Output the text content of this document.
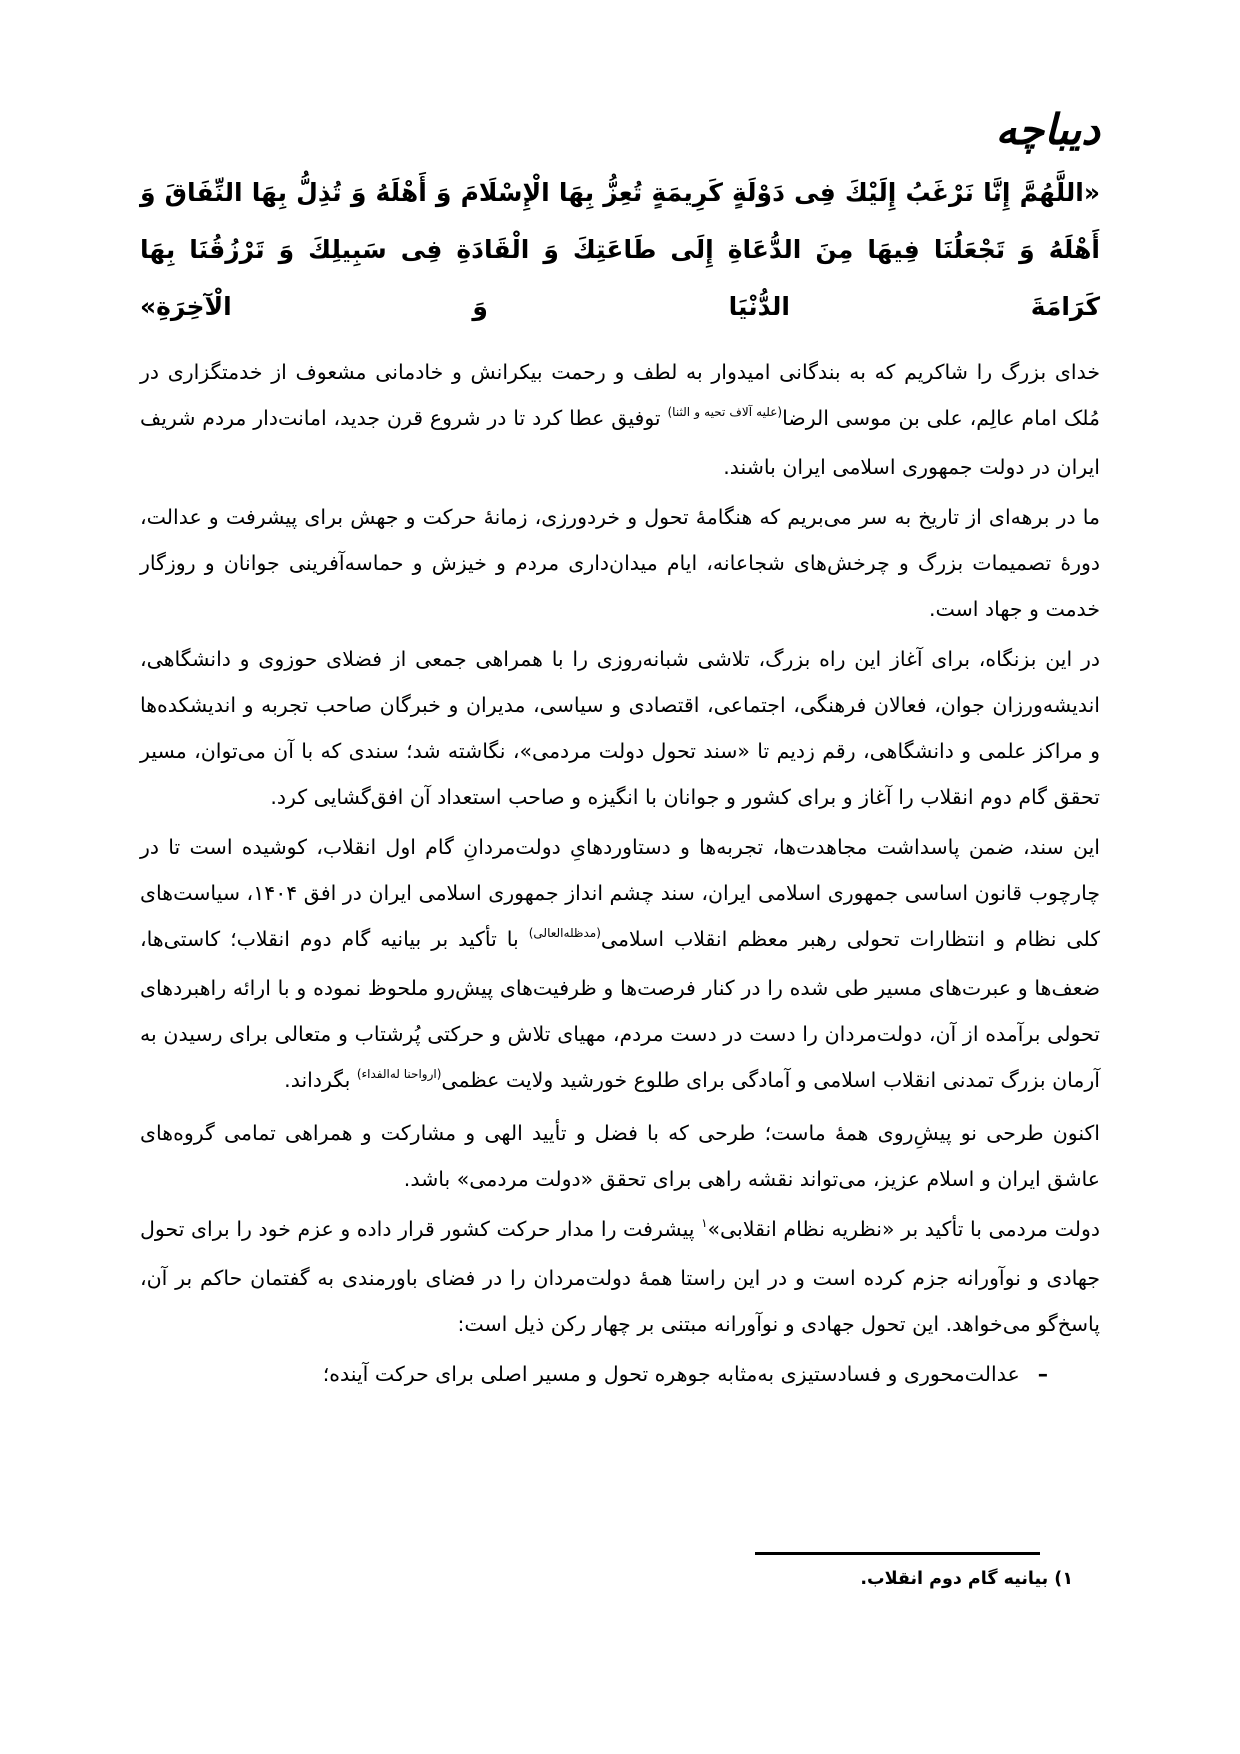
دیباچه

«اللَّهُمَّ إِنَّا نَرْغَبُ إِلَيْكَ فِى دَوْلَةٍ كَرِيمَةٍ تُعِزُّ بِهَا الْإِسْلَامَ وَ أَهْلَهُ وَ تُذِلُّ بِهَا النِّفَاقَ وَ أَهْلَهُ وَ تَجْعَلُنَا فِيهَا مِنَ الدُّعَاةِ إِلَى طَاعَتِكَ وَ الْقَادَةِ فِى سَبِيلِكَ وَ تَرْزُقُنَا بِهَا كَرَامَةَ الدُّنْيَا وَ الْآخِرَةِ»

خدای بزرگ را شاکریم که به بندگانی امیدوار به لطف و رحمت بیکرانش و خادمانی مشعوف از خدمتگزاری در مُلک امام عالِم، علی بن موسی الرضا$^{(علیه آلاف تحیه و الثنا)}$ توفیق عطا کرد تا در شروع قرن جدید، امانت‌دار مردم شریف ایران در دولت جمهوری اسلامی ایران باشند.

ما در برهه‌ای از تاریخ به سر می‌بریم که هنگامهٔ تحول و خردورزی، زمانهٔ حرکت و جهش برای پیشرفت و عدالت، دورهٔ تصمیمات بزرگ و چرخش‌های شجاعانه، ایام میدان‌داری مردم و خیزش و حماسه‌آفرینی جوانان و روزگار خدمت و جهاد است.

در این بزنگاه، برای آغاز این راه بزرگ، تلاشی شبانه‌روزی را با همراهی جمعی از فضلای حوزوی و دانشگاهی، اندیشه‌ورزان جوان، فعالان فرهنگی، اجتماعی، اقتصادی و سیاسی، مدیران و خبرگان صاحب تجربه و اندیشکده‌ها و مراکز علمی و دانشگاهی، رقم زدیم تا «سند تحول دولت مردمی»، نگاشته شد؛ سندی که با آن می‌توان، مسیر تحقق گام دوم انقلاب را آغاز و برای کشور و جوانان با انگیزه و صاحب استعداد آن افق‌گشایی کرد.

این سند، ضمن پاسداشت مجاهدت‌ها، تجربه‌ها و دستاوردهایِ دولت‌مردانِ گام اول انقلاب، کوشیده است تا در چارچوب قانون اساسی جمهوری اسلامی ایران، سند چشم انداز جمهوری اسلامی ایران در افق ۱۴۰۴، سیاست‌های کلی نظام و انتظارات تحولی رهبر معظم انقلاب اسلامی$^{(مدظله‌العالی)}$ با تأکید بر بیانیه گام دوم انقلاب؛ کاستی‌ها، ضعف‌ها و عبرت‌های مسیر طی شده را در کنار فرصت‌ها و ظرفیت‌های پیش‌رو ملحوظ نموده و با ارائه راهبردهای تحولی برآمده از آن، دولت‌مردان را دست در دست مردم، مهیای تلاش و حرکتی پُرشتاب و متعالی برای رسیدن به آرمان بزرگ تمدنی انقلاب اسلامی و آمادگی برای طلوع خورشید ولایت عظمی$^{(ارواحنا له‌الفداء)}$ بگرداند.

اکنون طرحی نو پیشِ‌روی همهٔ ماست؛ طرحی که با فضل و تأیید الهی و مشارکت و همراهی تمامی گروه‌های عاشق ایران و اسلام عزیز، می‌تواند نقشه راهی برای تحقق «دولت مردمی» باشد.

دولت مردمی با تأکید بر «نظریه نظام انقلابی»$^۱$ پیشرفت را مدار حرکت کشور قرار داده و عزم خود را برای تحول جهادی و نوآورانه جزم کرده است و در این راستا همهٔ دولت‌مردان را در فضای باورمندی به گفتمان حاکم بر آن، پاسخ‌گو می‌خواهد. این تحول جهادی و نوآورانه مبتنی بر چهار رکن ذیل است:

–
عدالت‌محوری و فسادستیزی به‌مثابه جوهره تحول و مسیر اصلی برای حرکت آینده؛
۱) بیانیه گام دوم انقلاب.
